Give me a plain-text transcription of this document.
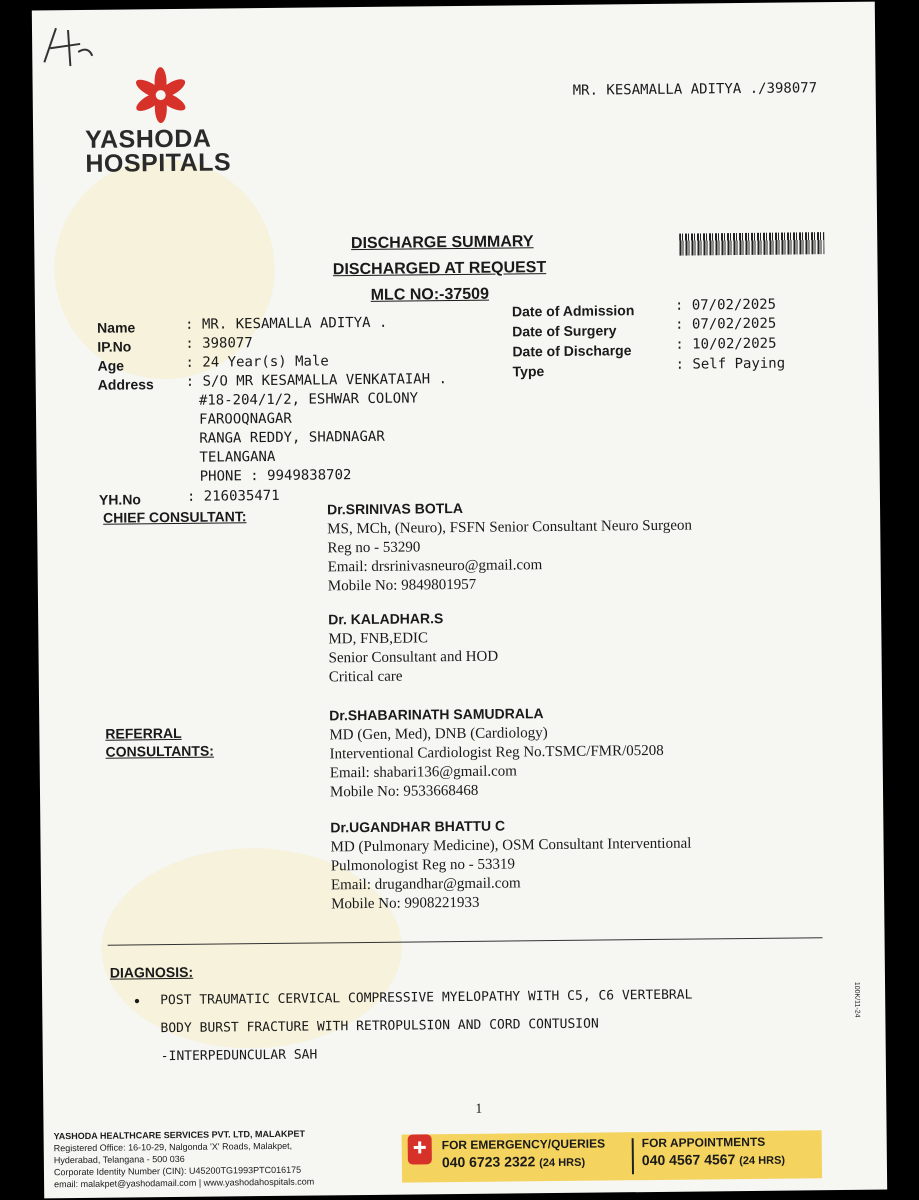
YASHODA
HOSPITALS
MR. KESAMALLA ADITYA ./398077
DISCHARGE SUMMARY
DISCHARGED AT REQUEST
MLC NO:-37509
Name	: MR. KESAMALLA ADITYA .
IP.No	: 398077
Age	: 24 Year(s) Male
Address : S/O MR KESAMALLA VENKATAIAH .
#18-204/1/2, ESHWAR COLONY
FAROOQNAGAR
RANGA REDDY, SHADNAGAR
TELANGANA
PHONE : 9949838702
YH.No	: 216035471
Date of Admission	: 07/02/2025
Date of Surgery	: 07/02/2025
Date of Discharge	: 10/02/2025
Type	: Self Paying
CHIEF CONSULTANT:	Dr.SRINIVAS BOTLA
MS, MCh, (Neuro), FSFN Senior Consultant Neuro Surgeon
Reg no - 53290
Email: drsrinivasneuro@gmail.com
Mobile No: 9849801957
Dr. KALADHAR.S
MD, FNB,EDIC
Senior Consultant and HOD
Critical care
REFERRAL
CONSULTANTS:
Dr.SHABARINATH SAMUDRALA
MD (Gen, Med), DNB (Cardiology)
Interventional Cardiologist Reg No.TSMC/FMR/05208
Email: shabari136@gmail.com
Mobile No: 9533668468
Dr.UGANDHAR BHATTU C
MD (Pulmonary Medicine), OSM Consultant Interventional
Pulmonologist Reg no - 53319
Email: drugandhar@gmail.com
Mobile No: 9908221933
DIAGNOSIS:
• POST TRAUMATIC CERVICAL COMPRESSIVE MYELOPATHY WITH C5, C6 VERTEBRAL
BODY BURST FRACTURE WITH RETROPULSION AND CORD CONTUSION
-INTERPEDUNCULAR SAH
100K/11-24
1
YASHODA HEALTHCARE SERVICES PVT. LTD, MALAKPET
Registered Office: 16-10-29, Nalgonda 'X' Roads, Malakpet,
Hyderabad, Telangana - 500 036
Corporate Identity Number (CIN): U45200TG1993PTC016175
email: malakpet@yashodamail.com | www.yashodahospitals.com
FOR EMERGENCY/QUERIES
040 6723 2322 (24 HRS)
FOR APPOINTMENTS
040 4567 4567 (24 HRS)
